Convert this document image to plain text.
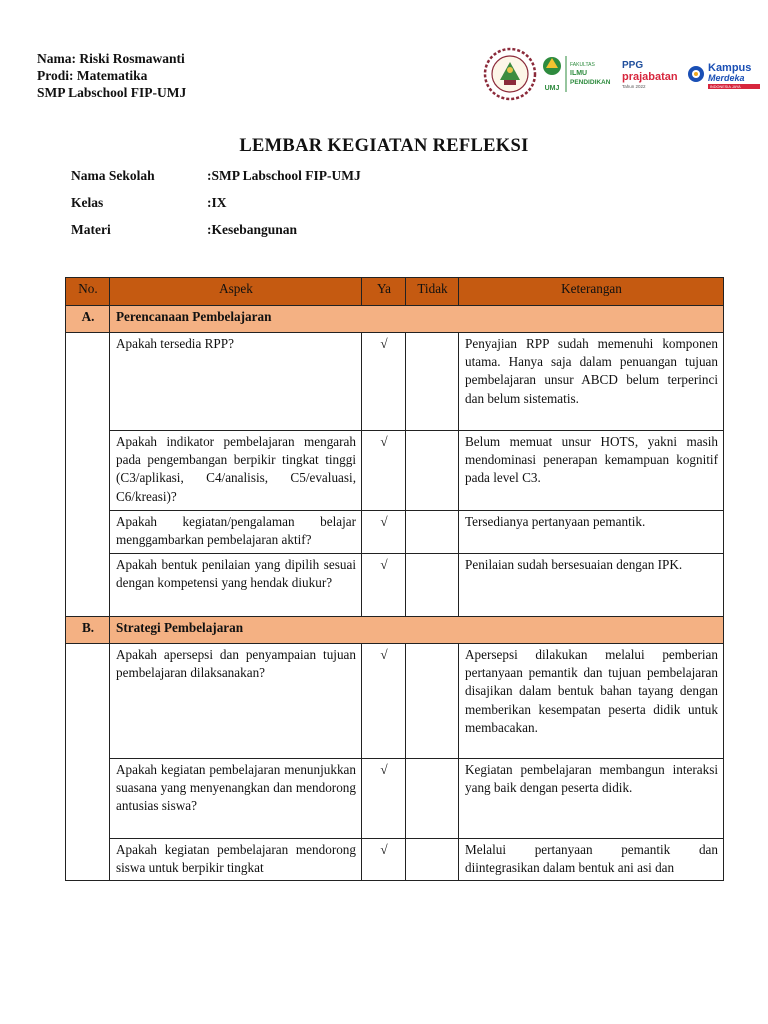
Nama: Riski Rosmawanti
Prodi: Matematika
SMP Labschool FIP-UMJ	UMJ
FAKULTAS
ILMU
PENDIDIKAN
PPG
prajabatan
Tahun 2022
Kampus
Merdeka
INDONESIA JAYA
LEMBAR KEGIATAN REFLEKSI
Nama Sekolah	:SMP Labschool FIP-UMJ
Kelas	:IX
Materi	:Kesebangunan
No.	Aspek	Ya	Tidak	Keterangan
A.	Perencanaan Pembelajaran			
	Apakah tersedia RPP?	√		Penyajian RPP sudah memenuhi komponen utama. Hanya saja dalam penuangan tujuan pembelajaran unsur ABCD belum terperinci dan belum sistematis.
	Apakah indikator pembelajaran mengarah pada pengembangan berpikir tingkat tinggi (C3/aplikasi, C4/analisis, C5/evaluasi, C6/kreasi)?	√		Belum memuat unsur HOTS, yakni masih mendominasi penerapan kemampuan kognitif pada level C3.
	Apakah kegiatan/pengalaman belajar menggambarkan pembelajaran aktif?	√		Tersedianya pertanyaan pemantik.
	Apakah bentuk penilaian yang dipilih sesuai dengan kompetensi yang hendak diukur?	√		Penilaian sudah bersesuaian dengan IPK.
B.	Strategi Pembelajaran			
	Apakah apersepsi dan penyampaian tujuan pembelajaran dilaksanakan?	√		Apersepsi dilakukan melalui pemberian pertanyaan pemantik dan tujuan pembelajaran disajikan dalam bentuk bahan tayang dengan memberikan kesempatan peserta didik untuk membacakan.
	Apakah kegiatan pembelajaran menunjukkan suasana yang menyenangkan dan mendorong antusias siswa?	√		Kegiatan pembelajaran membangun interaksi yang baik dengan peserta didik.
	Apakah kegiatan pembelajaran mendorong siswa untuk berpikir tingkat	√		Melalui pertanyaan pemantik dan diintegrasikan dalam bentuk ani asi dan
